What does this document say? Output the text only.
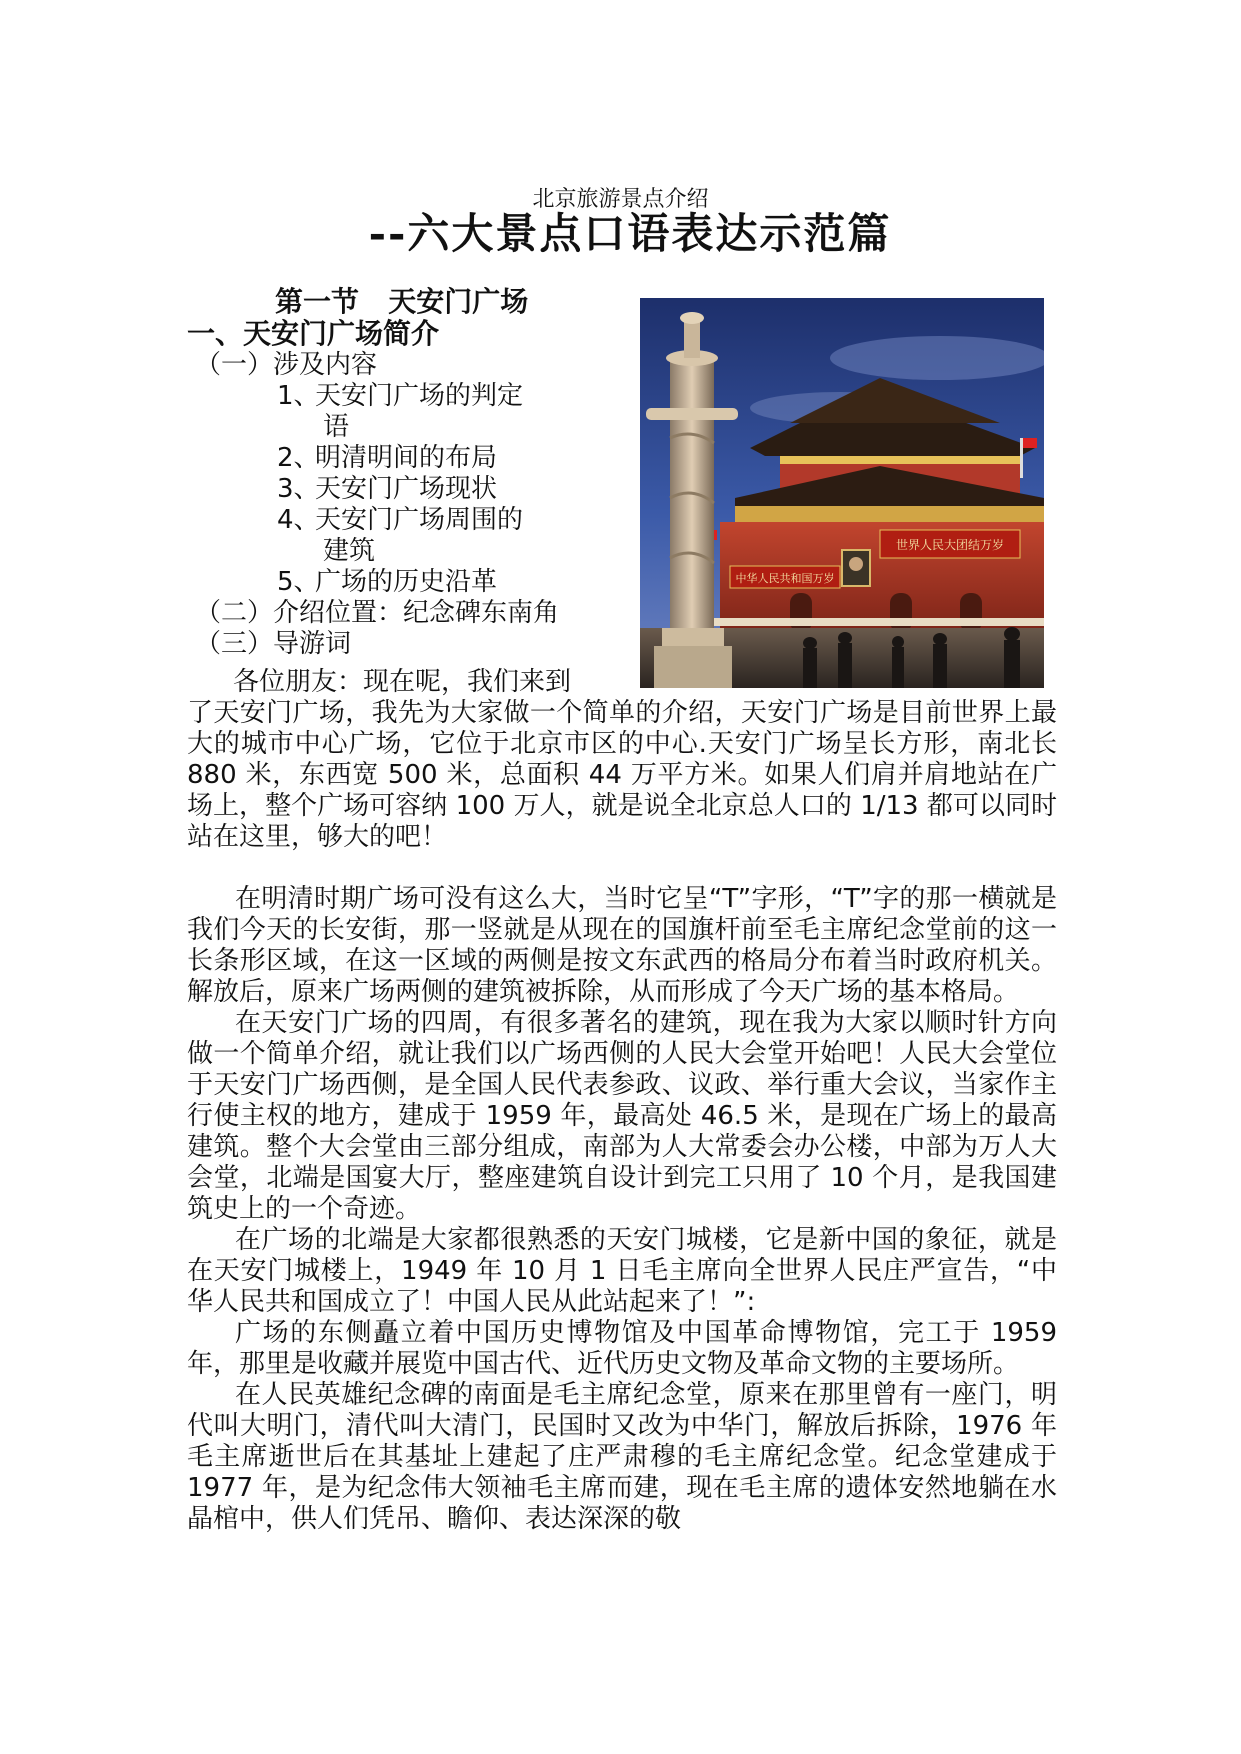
北京旅游景点介绍
--六大景点口语表达示范篇
第一节   天安门广场
一、天安门广场简介
（一）涉及内容
1、
天安门广场的判定
语
2、
明清明间的布局
3、
天安门广场现状
4、
天安门广场周围的
建筑
5、
广场的历史沿革
（二）介绍位置：纪念碑东南角
（三）导游词
中华人民共和国万岁
世界人民大团结万岁
各位朋友：现在呢，我们来到

了天安门广场，我先为大家做一个简单的介绍，天安门广场是目前世界上最大的城市中心广场，它位于北京市区的中心.天安门广场呈长方形，南北长 880 米，东西宽 500 米，总面积 44 万平方米。如果人们肩并肩地站在广场上，整个广场可容纳 100 万人，就是说全北京总人口的 1/13 都可以同时站在这里，够大的吧！

在明清时期广场可没有这么大，当时它呈“T”字形，“T”字的那一横就是我们今天的长安街，那一竖就是从现在的国旗杆前至毛主席纪念堂前的这一长条形区域，在这一区域的两侧是按文东武西的格局分布着当时政府机关。解放后，原来广场两侧的建筑被拆除，从而形成了今天广场的基本格局。

在天安门广场的四周，有很多著名的建筑，现在我为大家以顺时针方向做一个简单介绍，就让我们以广场西侧的人民大会堂开始吧！人民大会堂位于天安门广场西侧，是全国人民代表参政、议政、举行重大会议，当家作主行使主权的地方，建成于 1959 年，最高处 46.5 米，是现在广场上的最高建筑。整个大会堂由三部分组成，南部为人大常委会办公楼，中部为万人大会堂，北端是国宴大厅，整座建筑自设计到完工只用了 10 个月，是我国建筑史上的一个奇迹。

在广场的北端是大家都很熟悉的天安门城楼，它是新中国的象征，就是在天安门城楼上，1949 年 10 月 1 日毛主席向全世界人民庄严宣告，“中华人民共和国成立了！中国人民从此站起来了！”:

广场的东侧矗立着中国历史博物馆及中国革命博物馆，完工于 1959 年，那里是收藏并展览中国古代、近代历史文物及革命文物的主要场所。

在人民英雄纪念碑的南面是毛主席纪念堂，原来在那里曾有一座门，明代叫大明门，清代叫大清门，民国时又改为中华门，解放后拆除，1976 年毛主席逝世后在其基址上建起了庄严肃穆的毛主席纪念堂。纪念堂建成于 1977 年，是为纪念伟大领袖毛主席而建，现在毛主席的遗体安然地躺在水晶棺中，供人们凭吊、瞻仰、表达深深的敬
